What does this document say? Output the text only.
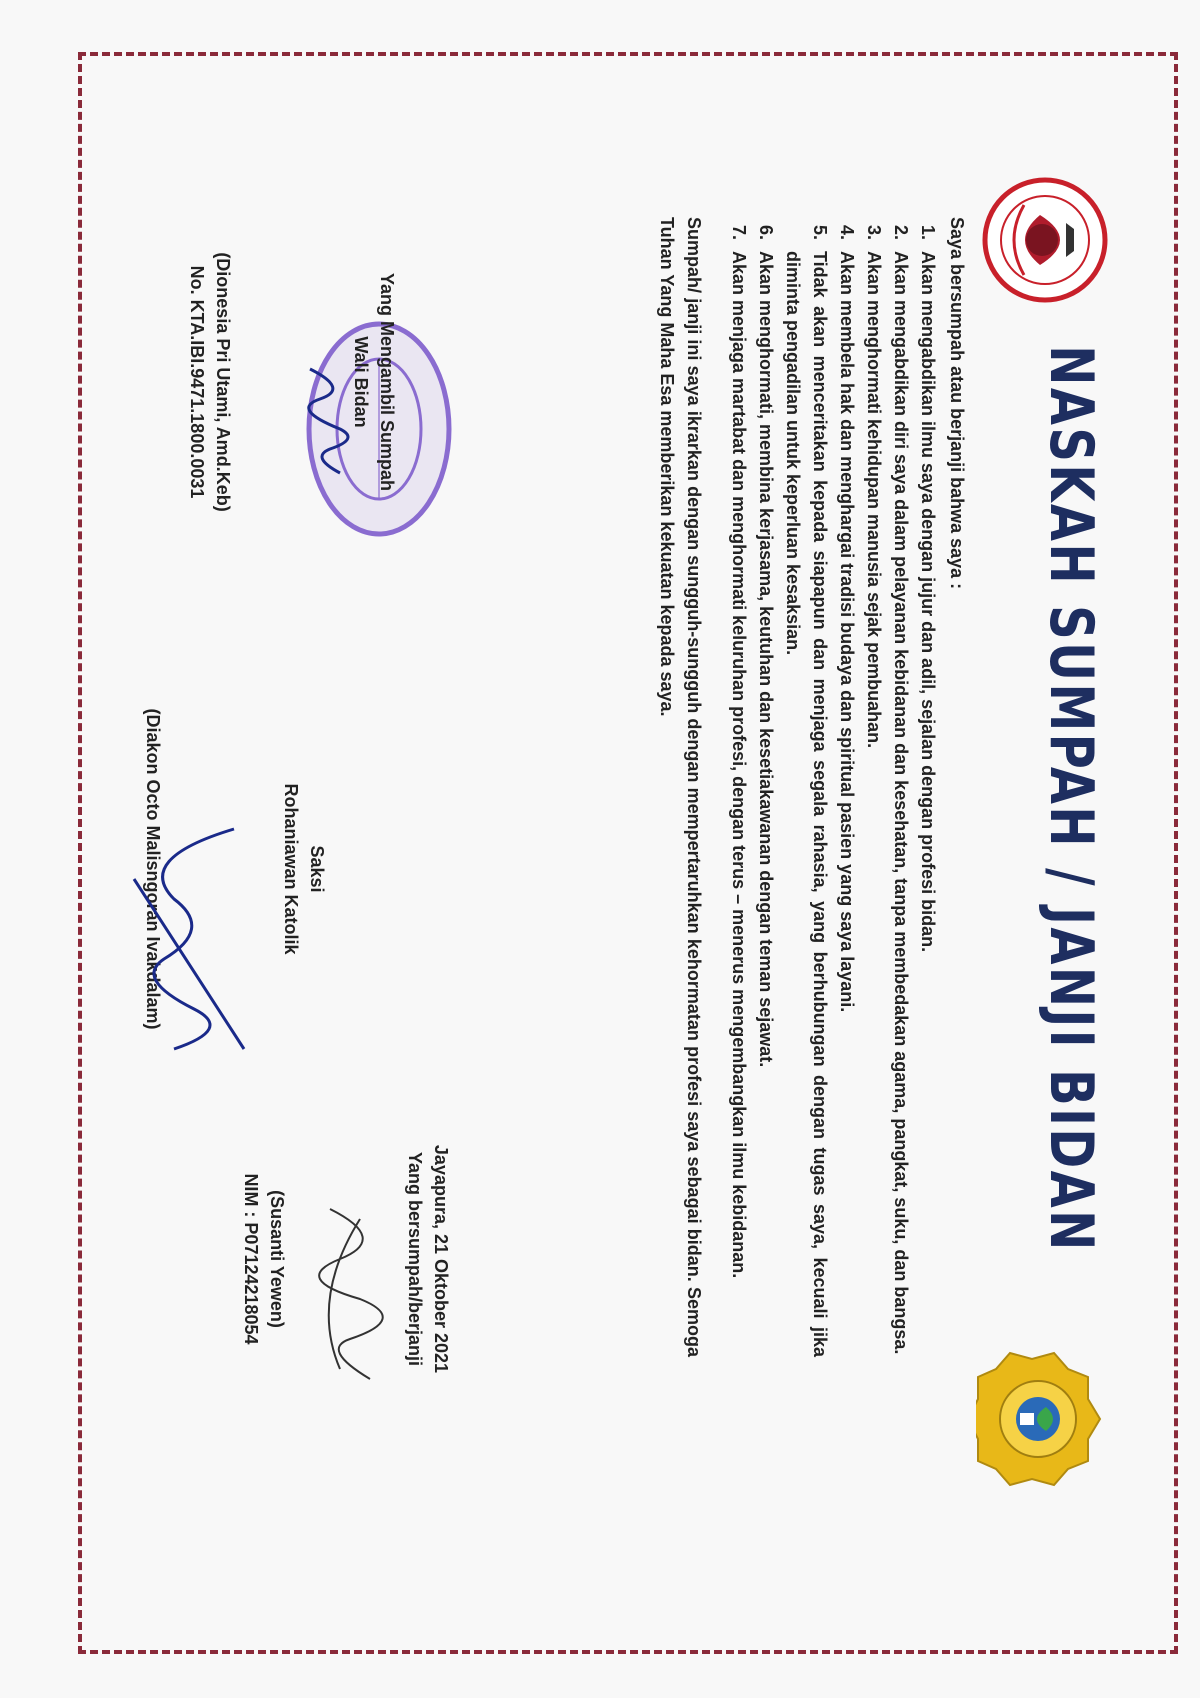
NASKAH SUMPAH / JANJI BIDAN

Saya bersumpah atau berjanji bahwa saya :

1. Akan mengabdikan ilmu saya dengan jujur dan adil, sejalan dengan profesi bidan.
2. Akan mengabdikan diri saya dalam pelayanan kebidanan dan kesehatan, tanpa membedakan agama, pangkat, suku, dan bangsa.
3. Akan menghormati kehidupan manusia sejak pembuahan.
4. Akan membela hak dan menghargai tradisi budaya dan spiritual pasien yang saya layani.
5. Tidak akan menceritakan kepada siapapun dan menjaga segala rahasia, yang berhubungan dengan tugas saya, kecuali jika diminta pengadilan untuk keperluan kesaksian.
6. Akan menghormati, membina kerjasama, keutuhan dan kesetiakawanan dengan teman sejawat.
7. Akan menjaga martabat dan menghormati keluruhan profesi, dengan terus – menerus mengembangkan ilmu kebidanan.

Sumpah/ janji ini saya ikrarkan dengan sungguh-sungguh dengan mempertaruhkan kehormatan profesi saya sebagai bidan. Semoga Tuhan Yang Maha Esa memberikan kekuatan kepada saya.

Yang Mengambil Sumpah
Wali Bidan
(Dionesia Pri Utami, Amd.Keb)
No. KTA.IBI.9471.1800.0031
Saksi
Rohaniawan Katolik
(Diakon Octo Malisngoran Ivakdalam)
Jayapura, 21 Oktober 2021
Yang bersumpah/berjanji
(Susanti Yewen)
NIM : P07124218054
